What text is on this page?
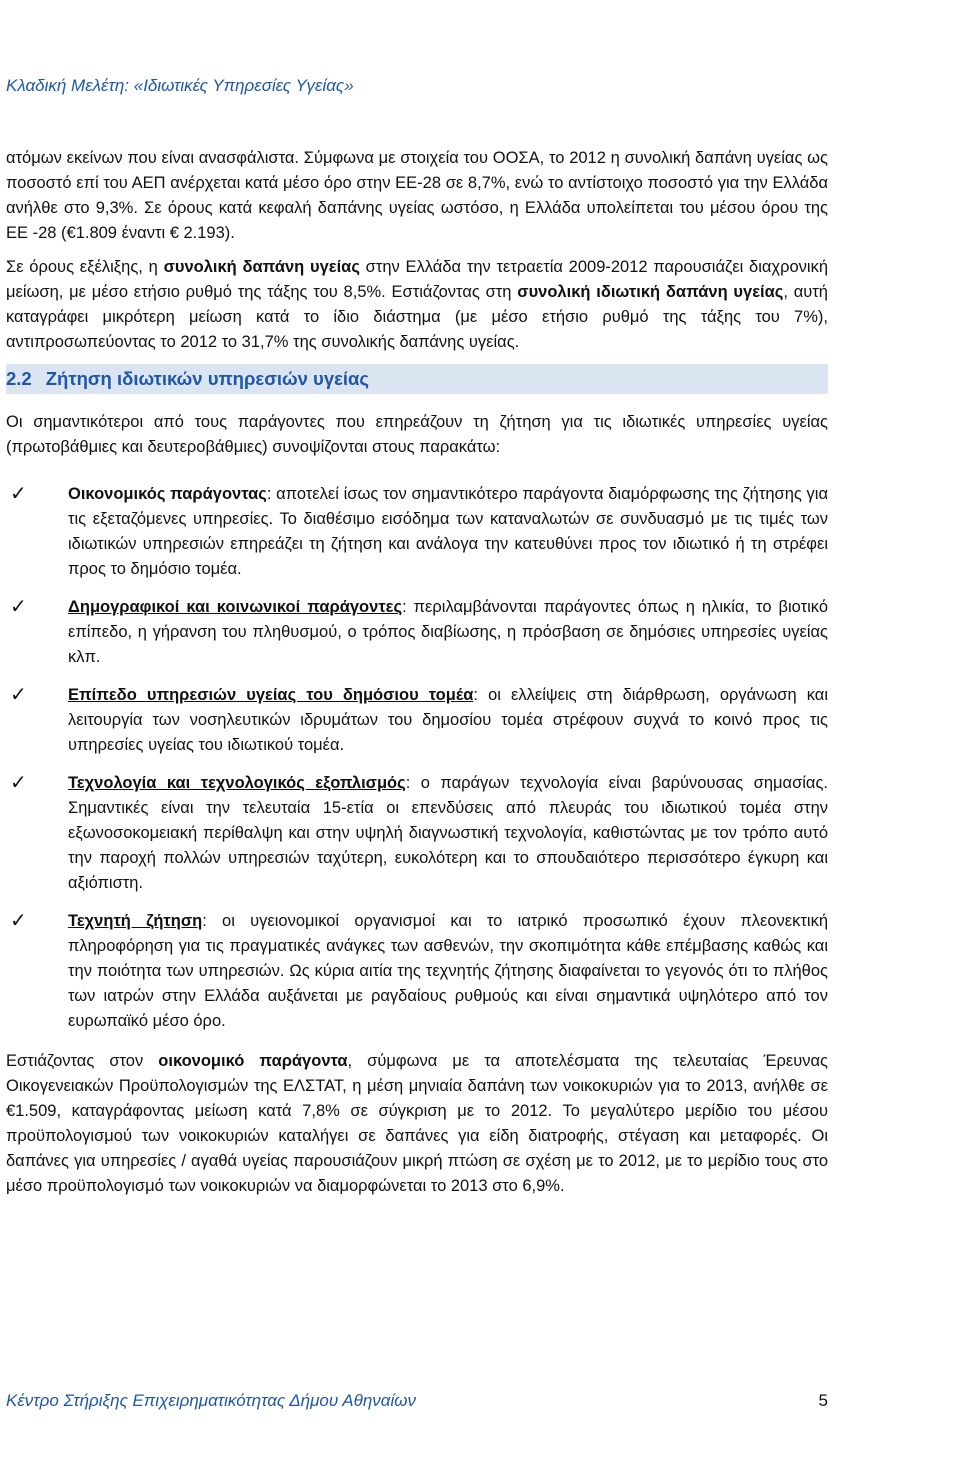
Κλαδική Μελέτη: «Ιδιωτικές Υπηρεσίες Υγείας»

ατόμων εκείνων που είναι ανασφάλιστα. Σύμφωνα με στοιχεία του ΟΟΣΑ, το 2012 η συνολική δαπάνη υγείας ως ποσοστό επί του ΑΕΠ ανέρχεται κατά μέσο όρο στην ΕΕ-28 σε 8,7%, ενώ το αντίστοιχο ποσοστό για την Ελλάδα ανήλθε στο 9,3%. Σε όρους κατά κεφαλή δαπάνης υγείας ωστόσο, η Ελλάδα υπολείπεται του μέσου όρου της ΕΕ -28 (€1.809 έναντι € 2.193).

Σε όρους εξέλιξης, η συνολική δαπάνη υγείας στην Ελλάδα την τετραετία 2009-2012 παρουσιάζει διαχρονική μείωση, με μέσο ετήσιο ρυθμό της τάξης του 8,5%. Εστιάζοντας στη συνολική ιδιωτική δαπάνη υγείας, αυτή καταγράφει μικρότερη μείωση κατά το ίδιο διάστημα (με μέσο ετήσιο ρυθμό της τάξης του 7%), αντιπροσωπεύοντας το 2012 το 31,7% της συνολικής δαπάνης υγείας.

2.2 Ζήτηση ιδιωτικών υπηρεσιών υγείας

Οι σημαντικότεροι από τους παράγοντες που επηρεάζουν τη ζήτηση για τις ιδιωτικές υπηρεσίες υγείας (πρωτοβάθμιες και δευτεροβάθμιες) συνοψίζονται στους παρακάτω:

✓ Οικονομικός παράγοντας: αποτελεί ίσως τον σημαντικότερο παράγοντα διαμόρφωσης της ζήτησης για τις εξεταζόμενες υπηρεσίες. Το διαθέσιμο εισόδημα των καταναλωτών σε συνδυασμό με τις τιμές των ιδιωτικών υπηρεσιών επηρεάζει τη ζήτηση και ανάλογα την κατευθύνει προς τον ιδιωτικό ή τη στρέφει προς το δημόσιο τομέα.

✓ Δημογραφικοί και κοινωνικοί παράγοντες: περιλαμβάνονται παράγοντες όπως η ηλικία, το βιοτικό επίπεδο, η γήρανση του πληθυσμού, ο τρόπος διαβίωσης, η πρόσβαση σε δημόσιες υπηρεσίες υγείας κλπ.

✓ Επίπεδο υπηρεσιών υγείας του δημόσιου τομέα: οι ελλείψεις στη διάρθρωση, οργάνωση και λειτουργία των νοσηλευτικών ιδρυμάτων του δημοσίου τομέα στρέφουν συχνά το κοινό προς τις υπηρεσίες υγείας του ιδιωτικού τομέα.

✓ Τεχνολογία και τεχνολογικός εξοπλισμός: ο παράγων τεχνολογία είναι βαρύνουσας σημασίας. Σημαντικές είναι την τελευταία 15-ετία οι επενδύσεις από πλευράς του ιδιωτικού τομέα στην εξωνοσοκομειακή περίθαλψη και στην υψηλή διαγνωστική τεχνολογία, καθιστώντας με τον τρόπο αυτό την παροχή πολλών υπηρεσιών ταχύτερη, ευκολότερη και το σπουδαιότερο περισσότερο έγκυρη και αξιόπιστη.

✓ Τεχνητή ζήτηση: οι υγειονομικοί οργανισμοί και το ιατρικό προσωπικό έχουν πλεονεκτική πληροφόρηση για τις πραγματικές ανάγκες των ασθενών, την σκοπιμότητα κάθε επέμβασης καθώς και την ποιότητα των υπηρεσιών. Ως κύρια αιτία της τεχνητής ζήτησης διαφαίνεται το γεγονός ότι το πλήθος των ιατρών στην Ελλάδα αυξάνεται με ραγδαίους ρυθμούς και είναι σημαντικά υψηλότερο από τον ευρωπαϊκό μέσο όρο.

Εστιάζοντας στον οικονομικό παράγοντα, σύμφωνα με τα αποτελέσματα της τελευταίας Έρευνας Οικογενειακών Προϋπολογισμών της ΕΛΣΤΑΤ, η μέση μηνιαία δαπάνη των νοικοκυριών για το 2013, ανήλθε σε €1.509, καταγράφοντας μείωση κατά 7,8% σε σύγκριση με το 2012. Το μεγαλύτερο μερίδιο του μέσου προϋπολογισμού των νοικοκυριών καταλήγει σε δαπάνες για είδη διατροφής, στέγαση και μεταφορές. Οι δαπάνες για υπηρεσίες / αγαθά υγείας παρουσιάζουν μικρή πτώση σε σχέση με το 2012, με το μερίδιο τους στο μέσο προϋπολογισμό των νοικοκυριών να διαμορφώνεται το 2013 στο 6,9%.

Κέντρο Στήριξης Επιχειρηματικότητας Δήμου Αθηναίων	5
